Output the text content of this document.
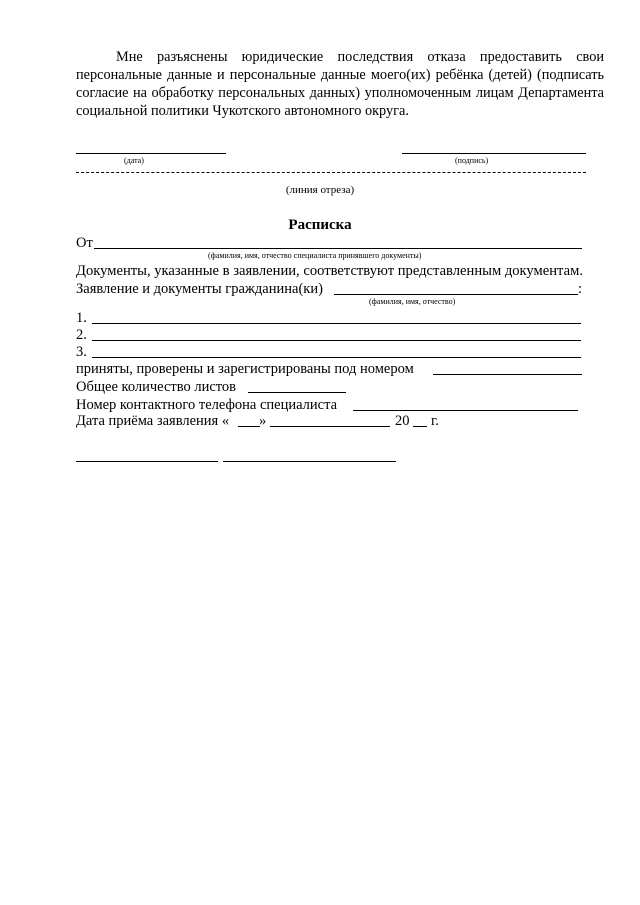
Мне разъяснены юридические последствия отказа предоставить свои персональные данные и персональные данные моего(их) ребёнка (детей) (подписать согласие на обработку персональных данных) уполномоченным лицам Департамента социальной политики Чукотского автономного округа.
(дата)	(подпись)
(линия отреза)
Расписка
От
(фамилия, имя, отчество специалиста принявшего документы)
Документы, указанные в заявлении, соответствуют представленным документам.
Заявление и документы гражданина(ки)	:
(фамилия, имя, отчество)
1.
2.
3.
приняты, проверены и зарегистрированы под номером
Общее количество листов
Номер контактного телефона специалиста
Дата приёма заявления « »	20 г.
